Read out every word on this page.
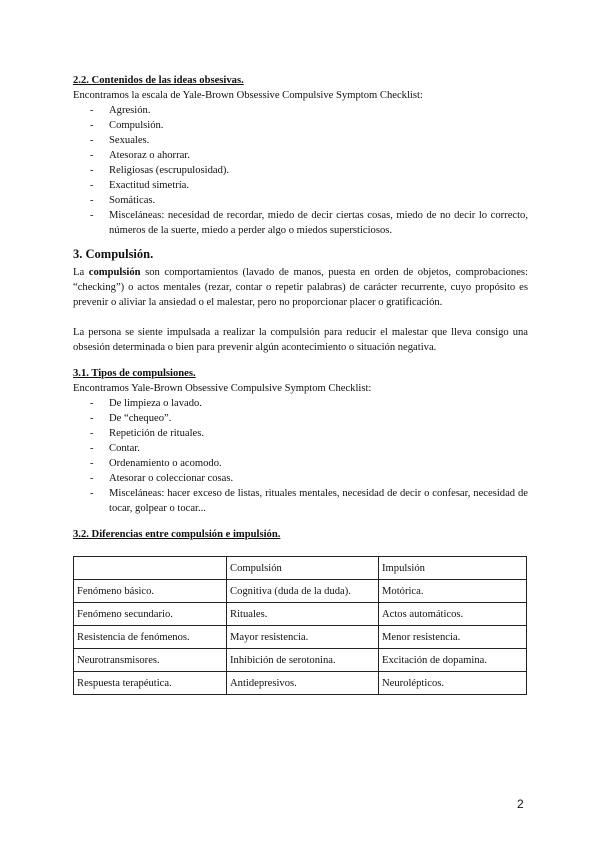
2.2. Contenidos de las ideas obsesivas.

Encontramos la escala de Yale-Brown Obsessive Compulsive Symptom Checklist:

- Agresión.
- Compulsión.
- Sexuales.
- Atesoraz o ahorrar.
- Religiosas (escrupulosidad).
- Exactitud simetría.
- Somáticas.
- Misceláneas: necesidad de recordar, miedo de decir ciertas cosas, miedo de no decir lo correcto, números de la suerte, miedo a perder algo o miedos supersticiosos.
3. Compulsión.

La compulsión son comportamientos (lavado de manos, puesta en orden de objetos, comprobaciones: “checking”) o actos mentales (rezar, contar o repetir palabras) de carácter recurrente, cuyo propósito es prevenir o aliviar la ansiedad o el malestar, pero no proporcionar placer o gratificación.

La persona se siente impulsada a realizar la compulsión para reducir el malestar que lleva consigo una obsesión determinada o bien para prevenir algún acontecimiento o situación negativa.

3.1. Tipos de compulsiones.

Encontramos Yale-Brown Obsessive Compulsive Symptom Checklist:

- De limpieza o lavado.
- De “chequeo”.
- Repetición de rituales.
- Contar.
- Ordenamiento o acomodo.
- Atesorar o coleccionar cosas.
- Misceláneas: hacer exceso de listas, rituales mentales, necesidad de decir o confesar, necesidad de tocar, golpear o tocar...
3.2. Diferencias entre compulsión e impulsión.
	Compulsión	Impulsión
Fenómeno básico.	Cognitiva (duda de la duda).	Motórica.
Fenómeno secundario.	Rituales.	Actos automáticos.
Resistencia de fenómenos.	Mayor resistencia.	Menor resistencia.
Neurotransmisores.	Inhibición de serotonina.	Excitación de dopamina.
Respuesta terapéutica.	Antidepresivos.	Neurolépticos.
2
